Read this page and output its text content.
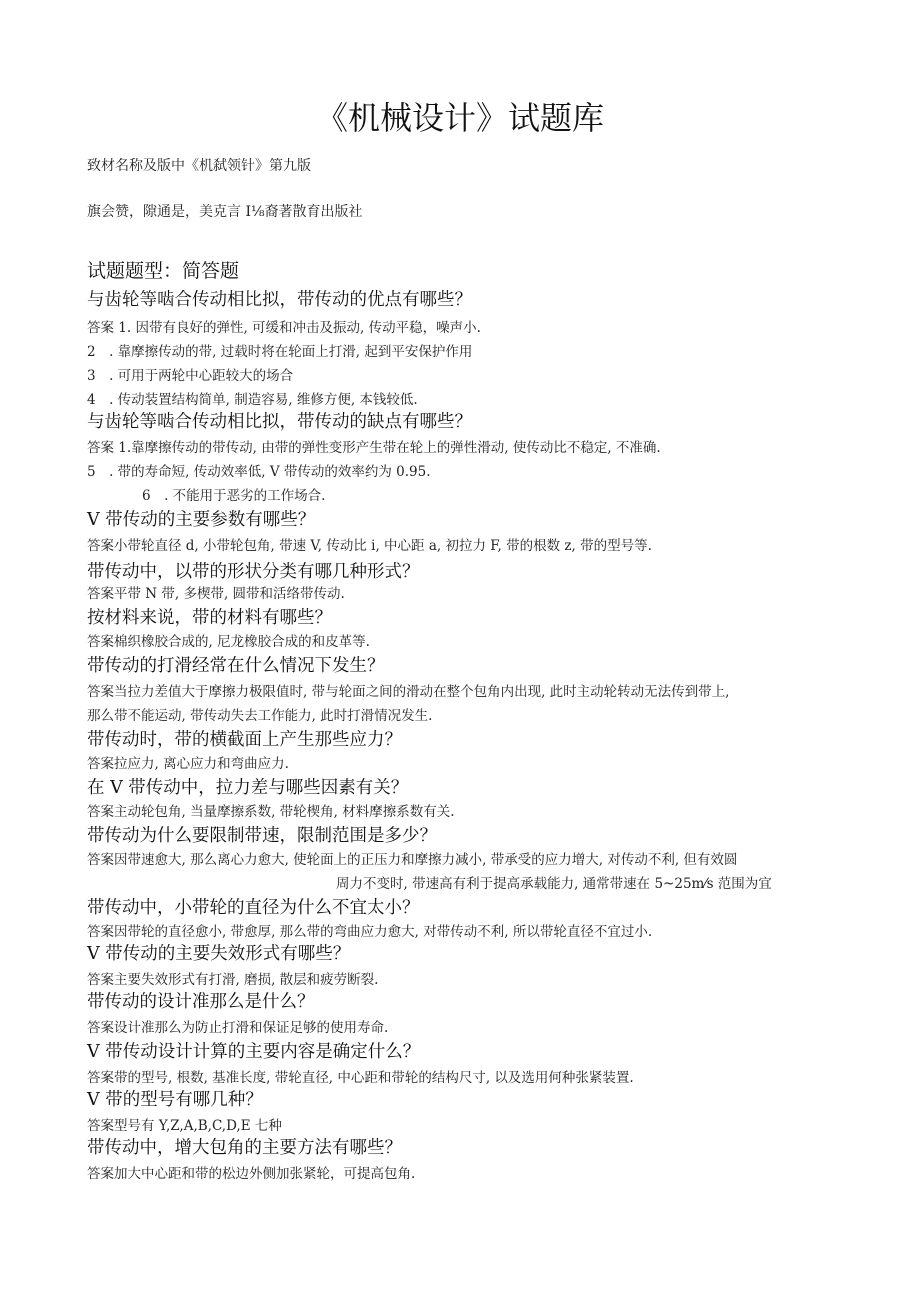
《机械设计》试题库
致材名称及版中《机弑领针》第九版
旗会赞，隙通是，美克言 Ⅰ⅛裔著散育出版社
试题题型：简答题
与齿轮等啮合传动相比拟，带传动的优点有哪些？
答案 1. 因带有良好的弹性, 可缓和冲击及振动, 传动平稳，噪声小.
2　. 靠摩擦传动的带, 过载时将在轮面上打滑, 起到平安保护作用
3　. 可用于两轮中心距较大的场合
4　. 传动装置结构简单, 制造容易, 维修方便, 本钱较低.
与齿轮等啮合传动相比拟，带传动的缺点有哪些？
答案 1.靠摩擦传动的带传动, 由带的弹性变形产生带在轮上的弹性滑动, 使传动比不稳定, 不准确.
5　. 带的寿命短, 传动效率低, V 带传动的效率约为 0.95.
6　. 不能用于恶劣的工作场合.
V 带传动的主要参数有哪些？
答案小带轮直径 d, 小带轮包角, 带速 V, 传动比 i, 中心距 a, 初拉力 F, 带的根数 z, 带的型号等.
带传动中，以带的形状分类有哪几种形式？
答案平带 N 带, 多楔带, 圆带和活络带传动.
按材料来说，带的材料有哪些？
答案棉织橡胶合成的, 尼龙橡胶合成的和皮革等.
带传动的打滑经常在什么情况下发生？
答案当拉力差值大于摩擦力极限值时, 带与轮面之间的滑动在整个包角内出现, 此时主动轮转动无法传到带上,
那么带不能运动, 带传动失去工作能力, 此时打滑情况发生.
带传动时，带的横截面上产生那些应力？
答案拉应力, 离心应力和弯曲应力.
在 V 带传动中，拉力差与哪些因素有关？
答案主动轮包角, 当量摩擦系数, 带轮楔角, 材料摩擦系数有关.
带传动为什么要限制带速，限制范围是多少？
答案因带速愈大, 那么离心力愈大, 使轮面上的正压力和摩擦力减小, 带承受的应力增大, 对传动不利, 但有效圆
周力不变时, 带速高有利于提高承载能力, 通常带速在 5~25m⁄s 范围为宜
带传动中，小带轮的直径为什么不宜太小？
答案因带轮的直径愈小, 带愈厚, 那么带的弯曲应力愈大, 对带传动不利, 所以带轮直径不宜过小.
V 带传动的主要失效形式有哪些？
答案主要失效形式有打滑, 磨损, 散层和疲劳断裂.
带传动的设计准那么是什么？
答案设计准那么为防止打滑和保证足够的使用寿命.
V 带传动设计计算的主要内容是确定什么？
答案带的型号, 根数, 基准长度, 带轮直径, 中心距和带轮的结构尺寸, 以及选用何种张紧装置.
V 带的型号有哪几种？
答案型号有 Y,Z,A,B,C,D,E 七种
带传动中，增大包角的主要方法有哪些？
答案加大中心距和带的松边外侧加张紧轮，可提高包角.
